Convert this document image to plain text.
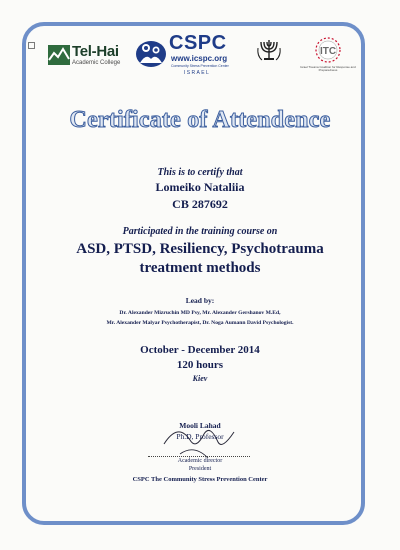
Tel-Hai
Academic College
CSPC
www.icspc.org
Community Stress Prevention Center
ISRAEL
ITC
Israel Trauma Coalition for Response and Preparedness
Certificate of Attendence
This is to certify that
Lomeiko Nataliia
CB 287692
Participated in the training course on
ASD, PTSD, Resiliency, Psychotrauma
treatment methods
Lead by:
Dr. Alexander Mizruchin MD Psy, Mr. Alexander Gershanov M.Ed,
Mr. Alexander Malyar Psychotherapist, Dr. Noga Aumann David Psychologist.
October - December 2014
120 hours
Kiev
Mooli Lahad
Ph.D, Professor
Academic director
President
CSPC The Community Stress Prevention Center
